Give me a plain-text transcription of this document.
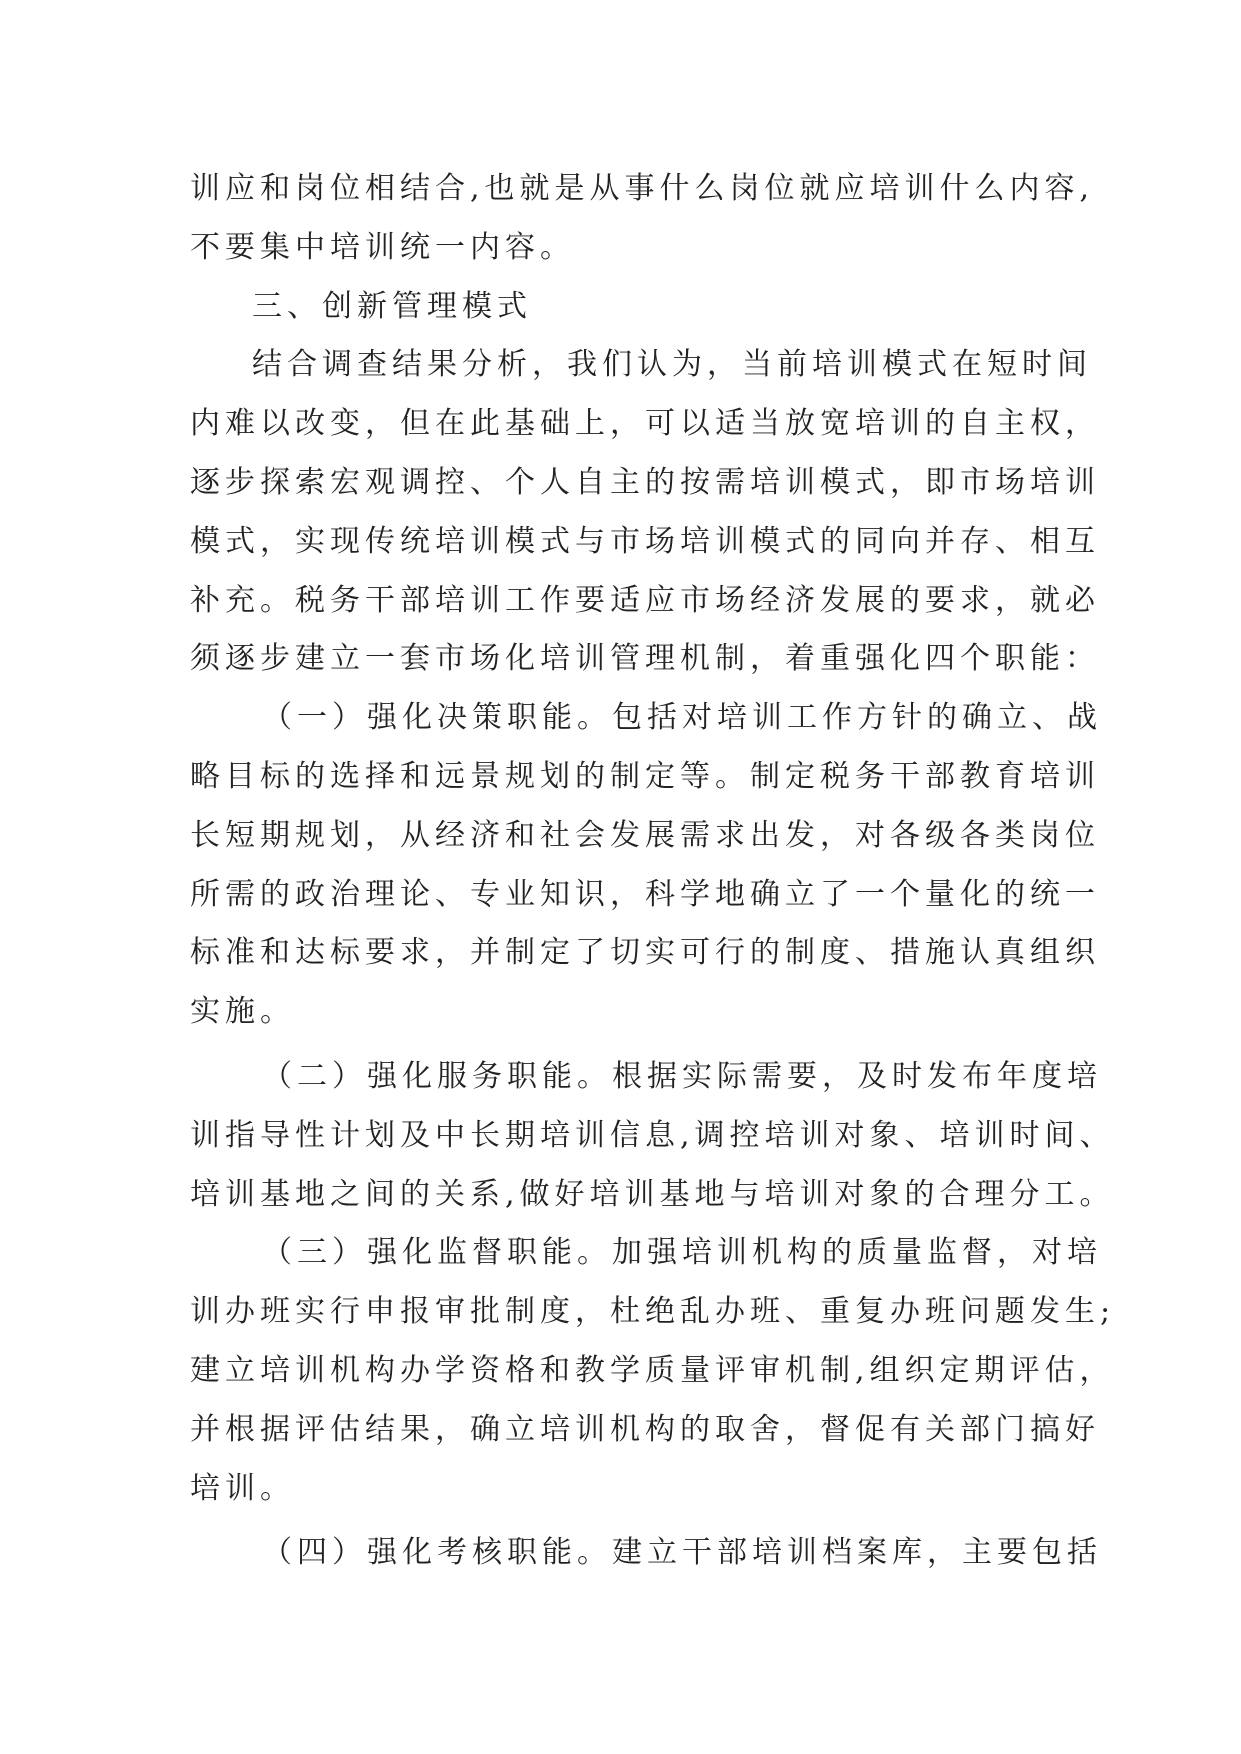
训应和岗位相结合,也就是从事什么岗位就应培训什么内容,
不要集中培训统一内容。
三、创新管理模式
结合调查结果分析，我们认为，当前培训模式在短时间
内难以改变，但在此基础上，可以适当放宽培训的自主权，
逐步探索宏观调控、个人自主的按需培训模式，即市场培训
模式，实现传统培训模式与市场培训模式的同向并存、相互
补充。税务干部培训工作要适应市场经济发展的要求，就必
须逐步建立一套市场化培训管理机制，着重强化四个职能：
（一）强化决策职能。包括对培训工作方针的确立、战
略目标的选择和远景规划的制定等。制定税务干部教育培训
长短期规划，从经济和社会发展需求出发，对各级各类岗位
所需的政治理论、专业知识，科学地确立了一个量化的统一
标准和达标要求，并制定了切实可行的制度、措施认真组织
实施。
（二）强化服务职能。根据实际需要，及时发布年度培
训指导性计划及中长期培训信息,调控培训对象、培训时间、
培训基地之间的关系,做好培训基地与培训对象的合理分工。
（三）强化监督职能。加强培训机构的质量监督，对培
训办班实行申报审批制度，杜绝乱办班、重复办班问题发生;
建立培训机构办学资格和教学质量评审机制,组织定期评估，
并根据评估结果，确立培训机构的取舍，督促有关部门搞好
培训。
（四）强化考核职能。建立干部培训档案库，主要包括
